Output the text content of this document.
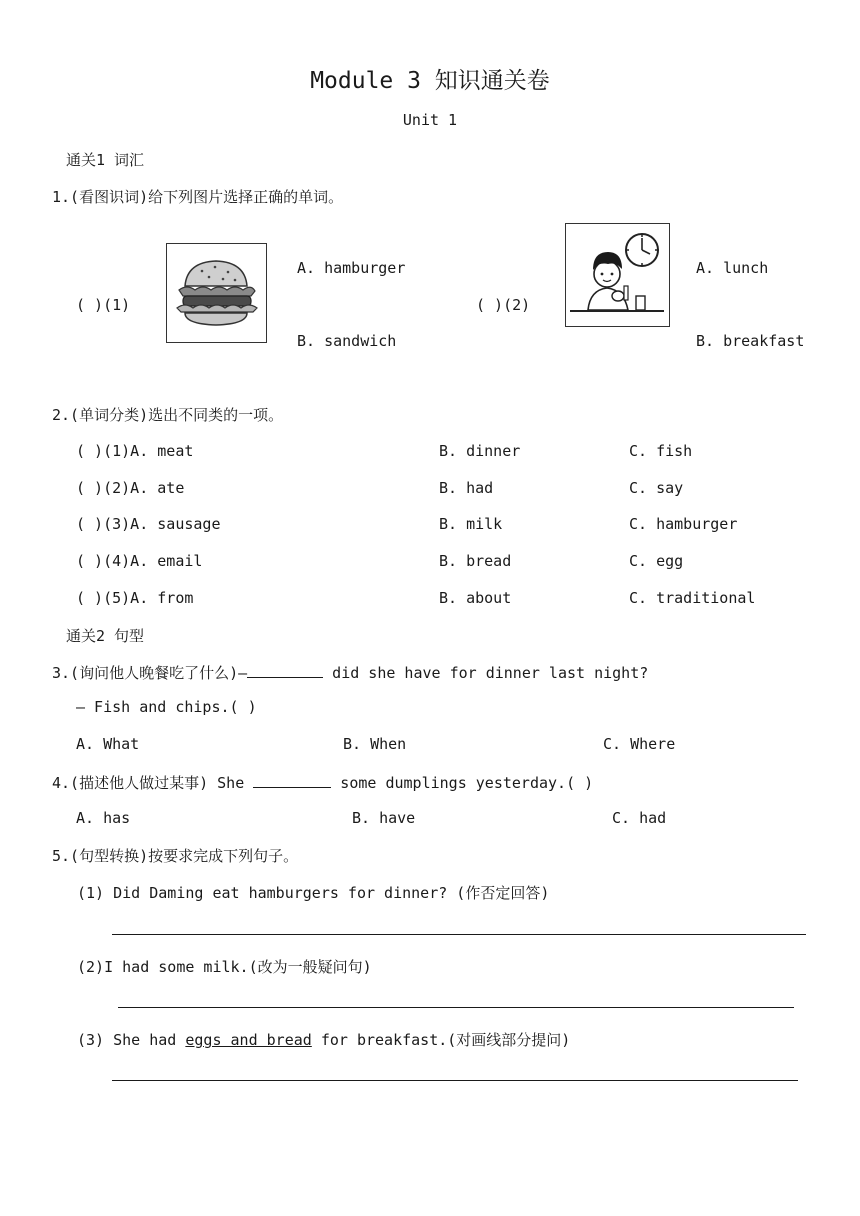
Module 3 知识通关卷
Unit 1
通关1 词汇
1.(看图识词)给下列图片选择正确的单词。
( )(1)
A. hamburger
B. sandwich
( )(2)
A. lunch
B. breakfast
2.(单词分类)选出不同类的一项。
( )(1)A. meat	B. dinner	C. fish
( )(2)A. ate	B. had	C. say
( )(3)A. sausage	B. milk	C. hamburger
( )(4)A. email	B. bread	C. egg
( )(5)A. from	B. about	C. traditional
通关2 句型
3.(询问他人晚餐吃了什么)—	did she have for dinner last night?
— Fish and chips.( )
A. What	B. When	C. Where
4.(描述他人做过某事) She	some dumplings yesterday.( )
A. has	B. have	C. had
5.(句型转换)按要求完成下列句子。
(1) Did Daming eat hamburgers for dinner? (作否定回答)
(2)I had some milk.(改为一般疑问句)
(3) She had eggs and bread for breakfast.(对画线部分提问)
